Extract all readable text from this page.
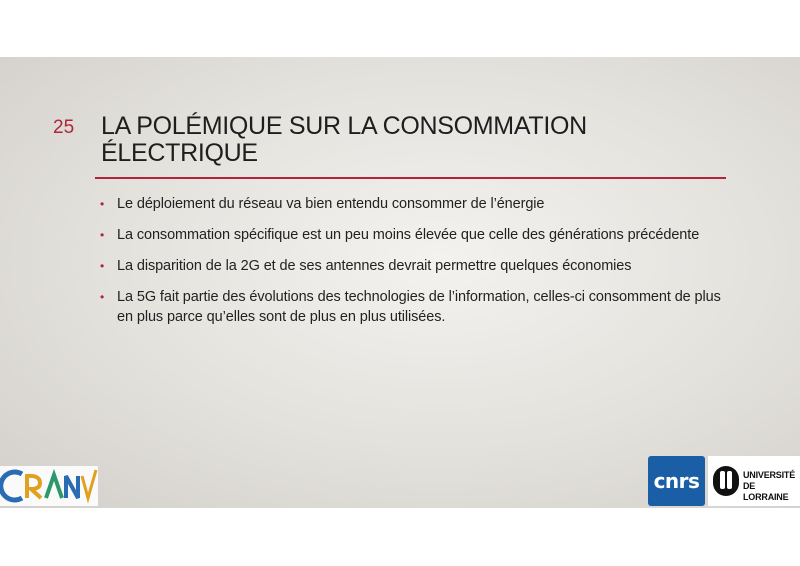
25 LA POLÉMIQUE SUR LA CONSOMMATION
ÉLECTRIQUE
• Le déploiement du réseau va bien entendu consommer de l’énergie
• La consommation spécifique est un peu moins élevée que celle des générations précédente
• La disparition de la 2G et de ses antennes devrait permettre quelques économies
• La 5G fait partie des évolutions des technologies de l’information, celles-ci consomment de plus en plus parce qu’elles sont de plus en plus utilisées.
cnrs	UNIVERSITÉ
DE LORRAINE
